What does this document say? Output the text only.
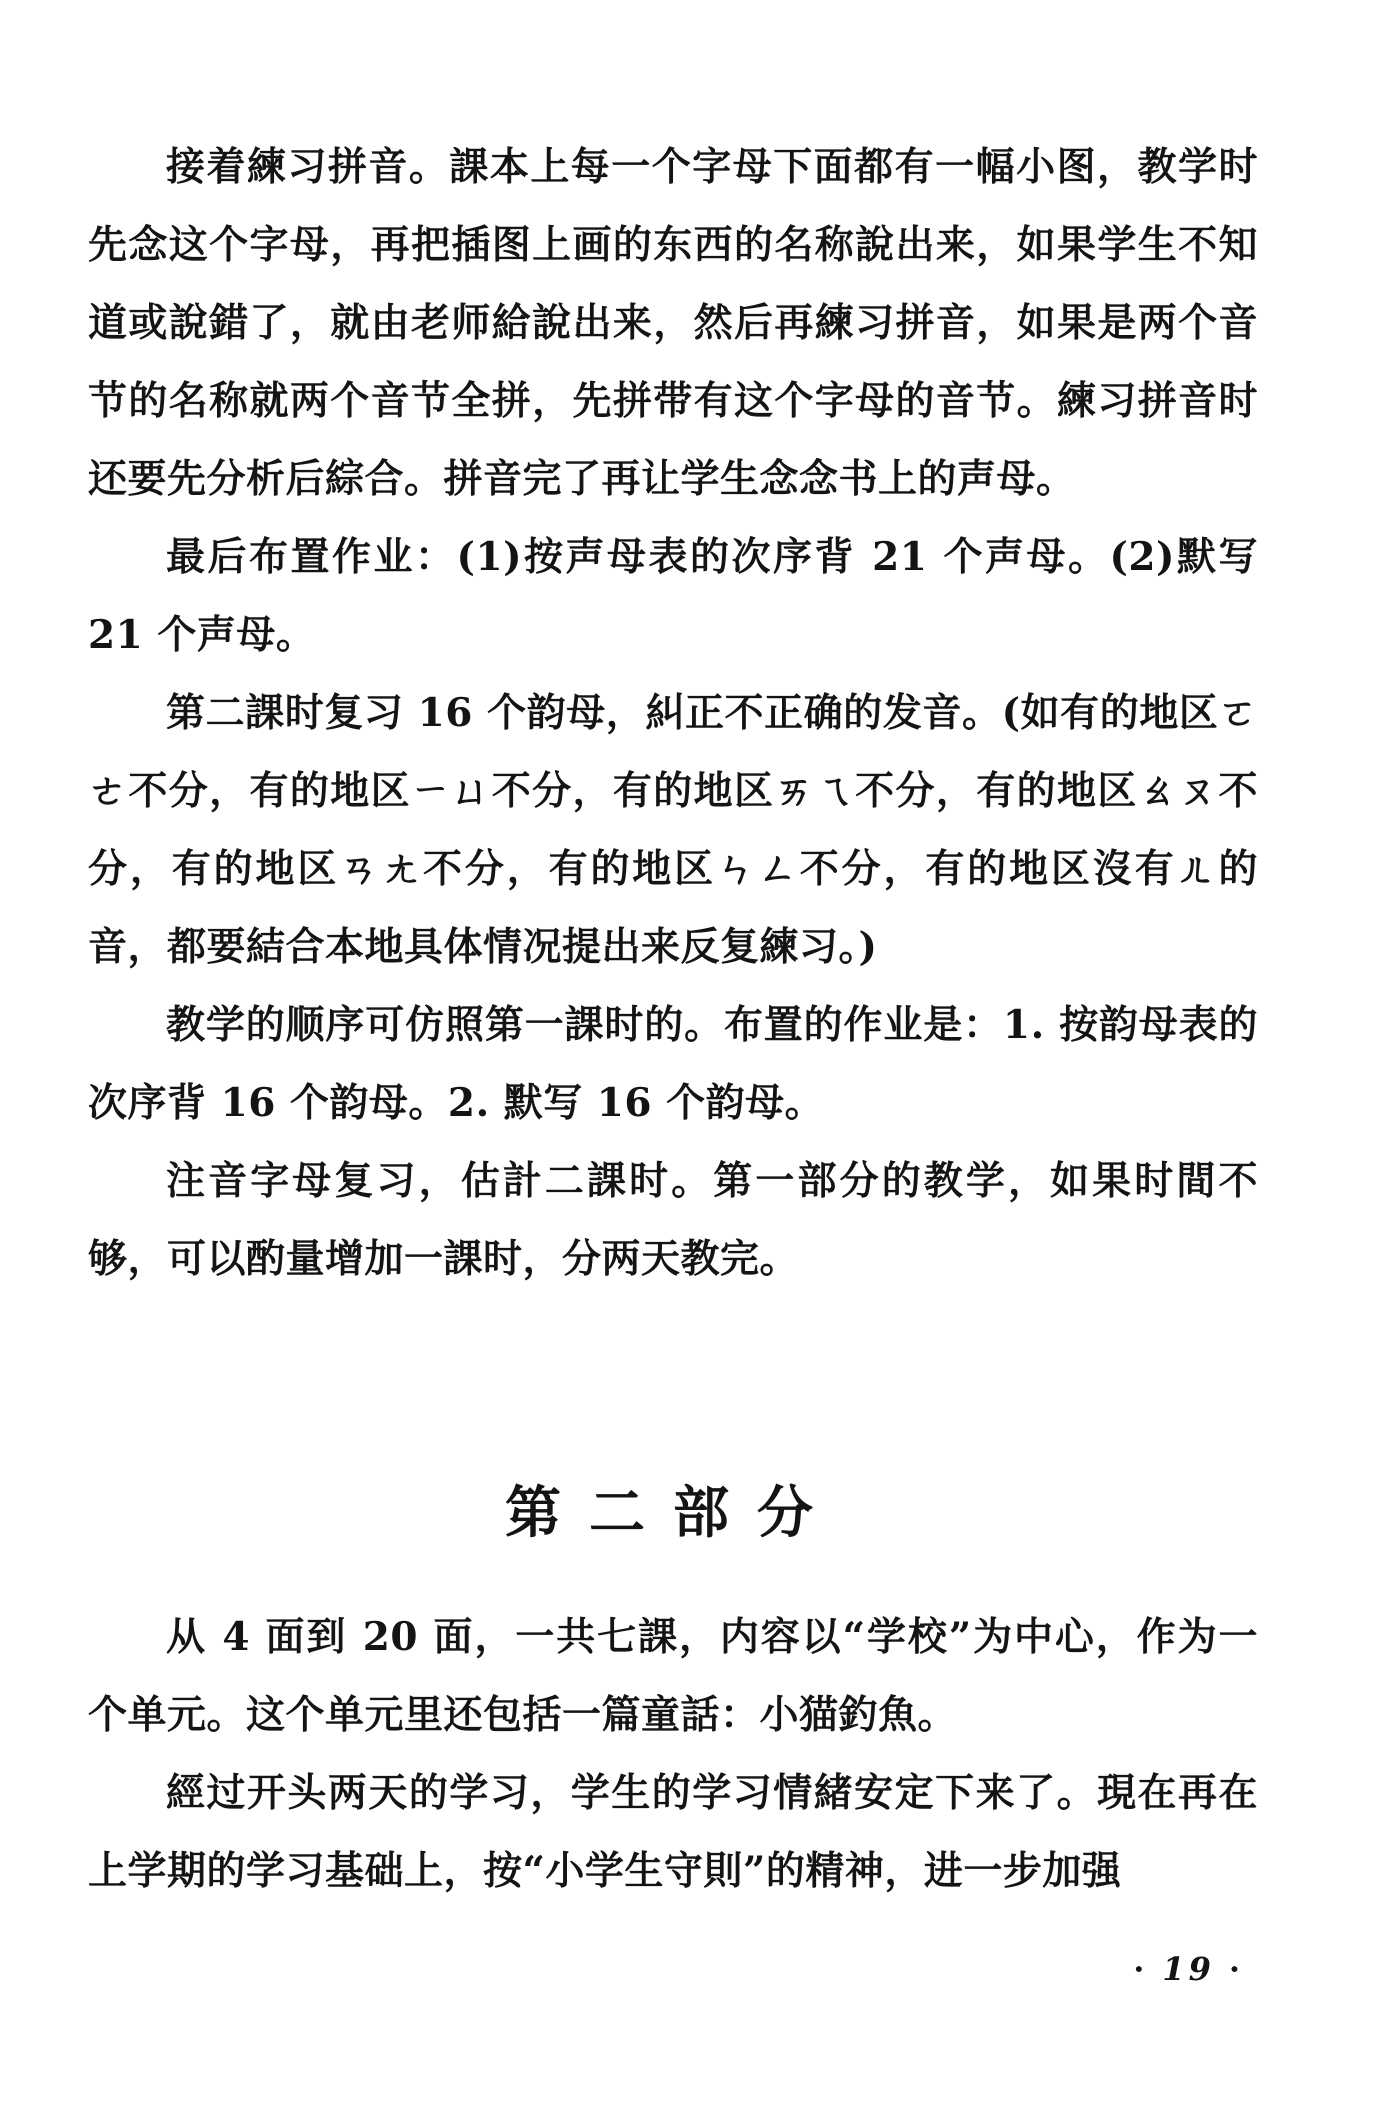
接着練习拼音。課本上每一个字母下面都有一幅小图，教学时先念这个字母，再把插图上画的东西的名称說出来，如果学生不知道或說錯了，就由老师給說出来，然后再練习拼音，如果是两个音节的名称就两个音节全拼，先拼带有这个字母的音节。練习拼音时还要先分析后綜合。拼音完了再让学生念念书上的声母。

最后布置作业：(1)按声母表的次序背 21 个声母。(2)默写 21 个声母。

第二課时复习 16 个韵母，糾正不正确的发音。(如有的地区ㄛㄜ不分，有的地区ㄧㄩ不分，有的地区ㄞㄟ不分，有的地区ㄠㄡ不分，有的地区ㄢㄤ不分，有的地区ㄣㄥ不分，有的地区沒有ㄦ的音，都要結合本地具体情况提出来反复練习。)

教学的顺序可仿照第一課时的。布置的作业是：1. 按韵母表的次序背 16 个韵母。2. 默写 16 个韵母。

注音字母复习，估計二課时。第一部分的教学，如果时間不够，可以酌量增加一課时，分两天教完。

第二部分

从 4 面到 20 面，一共七課，内容以“学校”为中心，作为一个单元。这个单元里还包括一篇童話：小猫釣魚。

經过开头两天的学习，学生的学习情緒安定下来了。現在再在上学期的学习基础上，按“小学生守則”的精神，进一步加强

· 19 ·
